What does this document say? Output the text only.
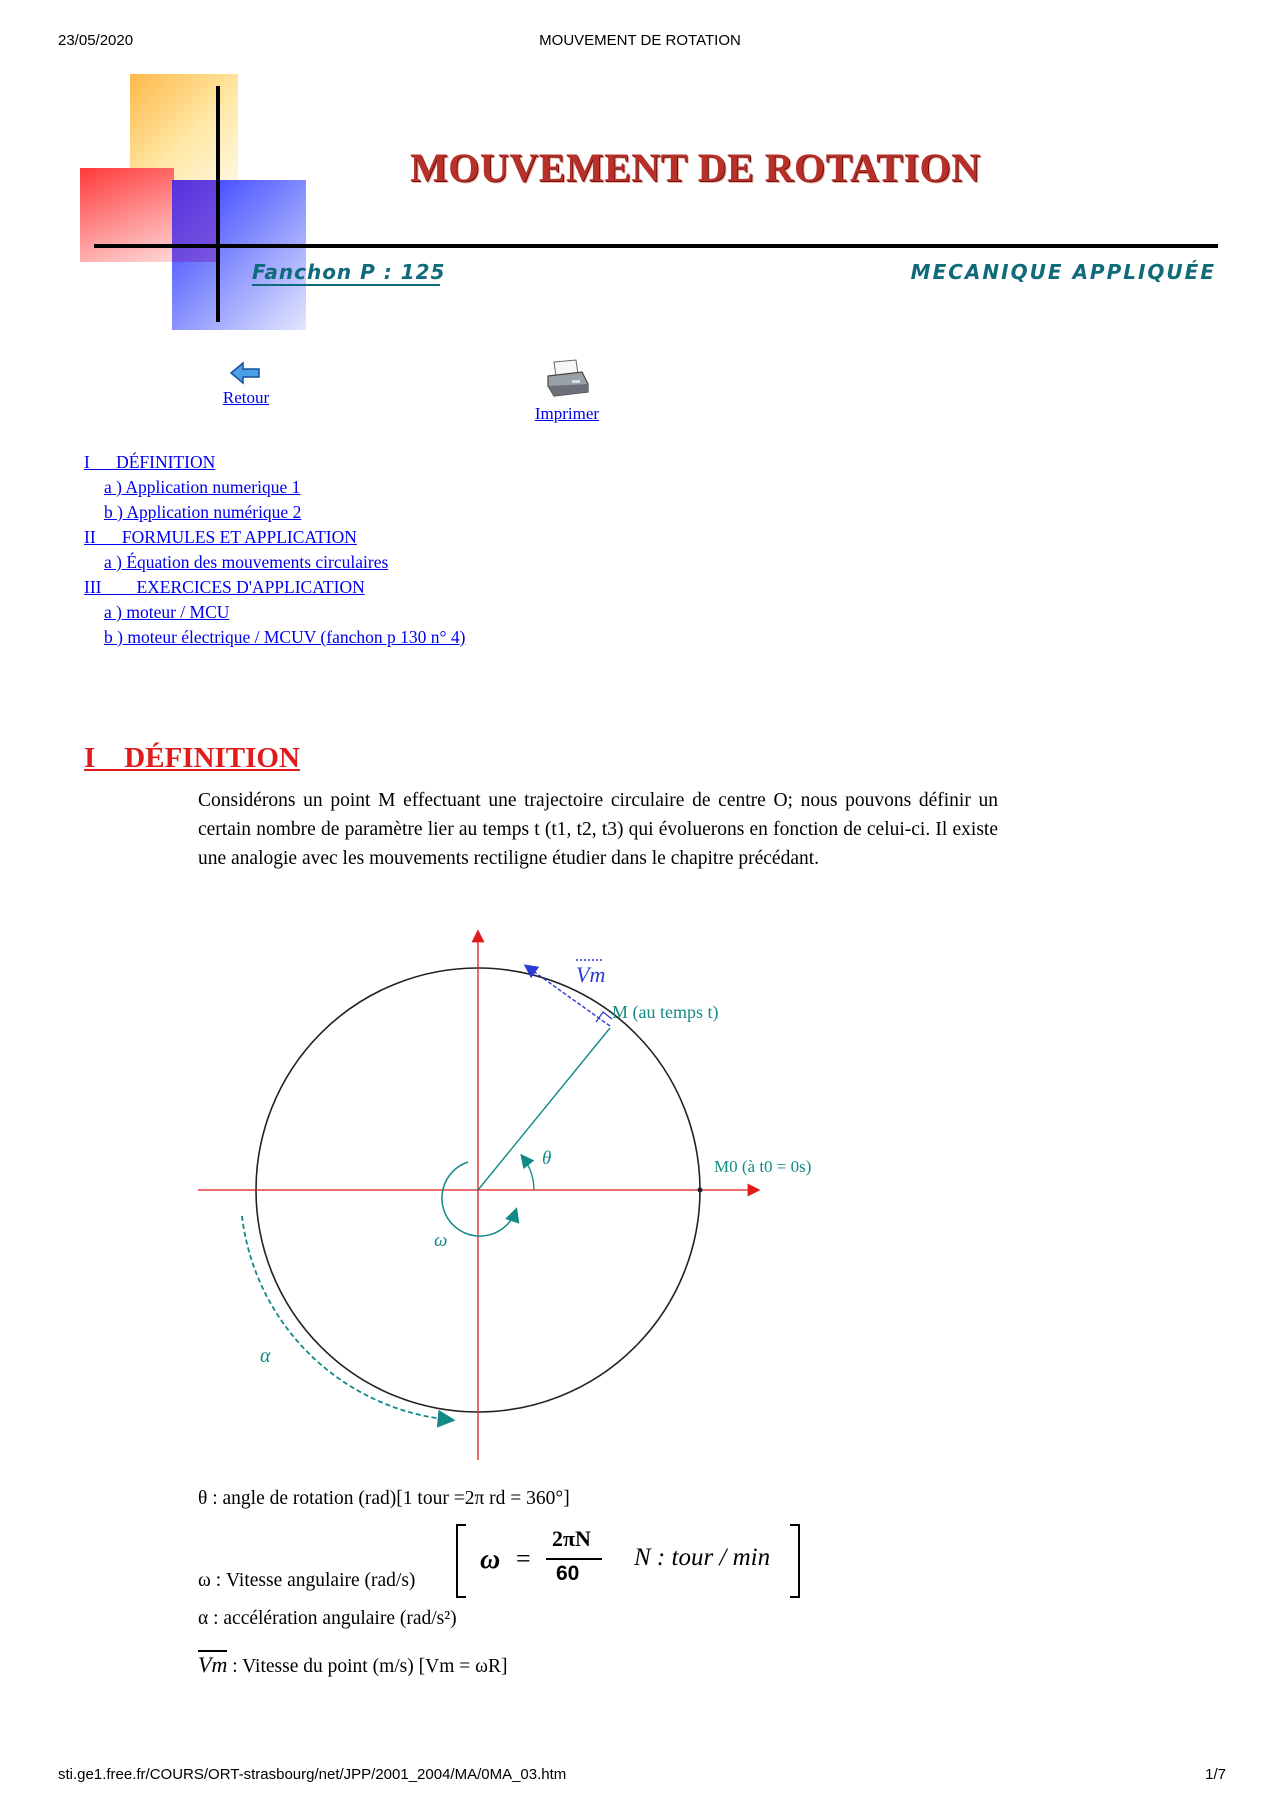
23/05/2020	MOUVEMENT DE ROTATION
MOUVEMENT DE ROTATION
Fanchon P : 125	MECANIQUE APPLIQUÉE
Retour
Imprimer
I      DÉFINITION
a ) Application numerique 1
b ) Application numérique 2
II      FORMULES ET APPLICATION
a ) Équation des mouvements circulaires
III        EXERCICES D'APPLICATION
a ) moteur / MCU
b ) moteur électrique / MCUV (fanchon p 130 n° 4)
I    DÉFINITION
Considérons un point M effectuant une trajectoire circulaire de centre O; nous pouvons définir un certain nombre de paramètre lier au temps t (t1, t2, t3) qui évoluerons en fonction de celui-ci. Il existe une analogie avec les mouvements rectiligne étudier dans le chapitre précédant.
Vm
M (au temps t)
M0 (à t0 = 0s)
θ
ω
α
θ : angle de rotation (rad)[1 tour =2π rd = 360°]
ω =
2πN
60
N : tour / min
ω : Vitesse angulaire (rad/s)
α : accélération angulaire (rad/s²)
Vm : Vitesse du point (m/s) [Vm = ωR]
sti.ge1.free.fr/COURS/ORT-strasbourg/net/JPP/2001_2004/MA/0MA_03.htm	1/7
